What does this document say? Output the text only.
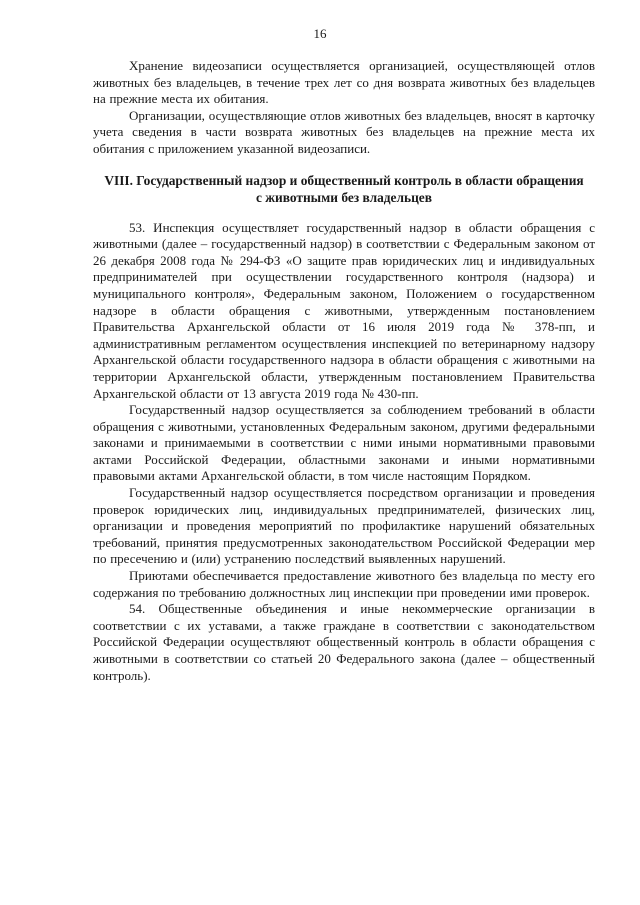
16

Хранение видеозаписи осуществляется организацией, осуществляющей отлов животных без владельцев, в течение трех лет со дня возврата животных без владельцев на прежние места их обитания.

Организации, осуществляющие отлов животных без владельцев, вносят в карточку учета сведения в части возврата животных без владельцев на прежние места их обитания с приложением указанной видеозаписи.

VIII. Государственный надзор и общественный контроль в области обращения с животными без владельцев

53. Инспекция осуществляет государственный надзор в области обращения с животными (далее – государственный надзор) в соответствии с Федеральным законом от 26 декабря 2008 года № 294-ФЗ «О защите прав юридических лиц и индивидуальных предпринимателей при осуществлении государственного контроля (надзора) и муниципального контроля», Федеральным законом, Положением о государственном надзоре в области обращения с животными, утвержденным постановлением Правительства Архангельской области от 16 июля 2019 года № 378-пп, и административным регламентом осуществления инспекцией по ветеринарному надзору Архангельской области государственного надзора в области обращения с животными на территории Архангельской области, утвержденным постановлением Правительства Архангельской области от 13 августа 2019 года № 430-пп.

Государственный надзор осуществляется за соблюдением требований в области обращения с животными, установленных Федеральным законом, другими федеральными законами и принимаемыми в соответствии с ними иными нормативными правовыми актами Российской Федерации, областными законами и иными нормативными правовыми актами Архангельской области, в том числе настоящим Порядком.

Государственный надзор осуществляется посредством организации и проведения проверок юридических лиц, индивидуальных предпринимателей, физических лиц, организации и проведения мероприятий по профилактике нарушений обязательных требований, принятия предусмотренных законодательством Российской Федерации мер по пресечению и (или) устранению последствий выявленных нарушений.

Приютами обеспечивается предоставление животного без владельца по месту его содержания по требованию должностных лиц инспекции при проведении ими проверок.

54. Общественные объединения и иные некоммерческие организации в соответствии с их уставами, а также граждане в соответствии с законодательством Российской Федерации осуществляют общественный контроль в области обращения с животными в соответствии со статьей 20 Федерального закона (далее – общественный контроль).
